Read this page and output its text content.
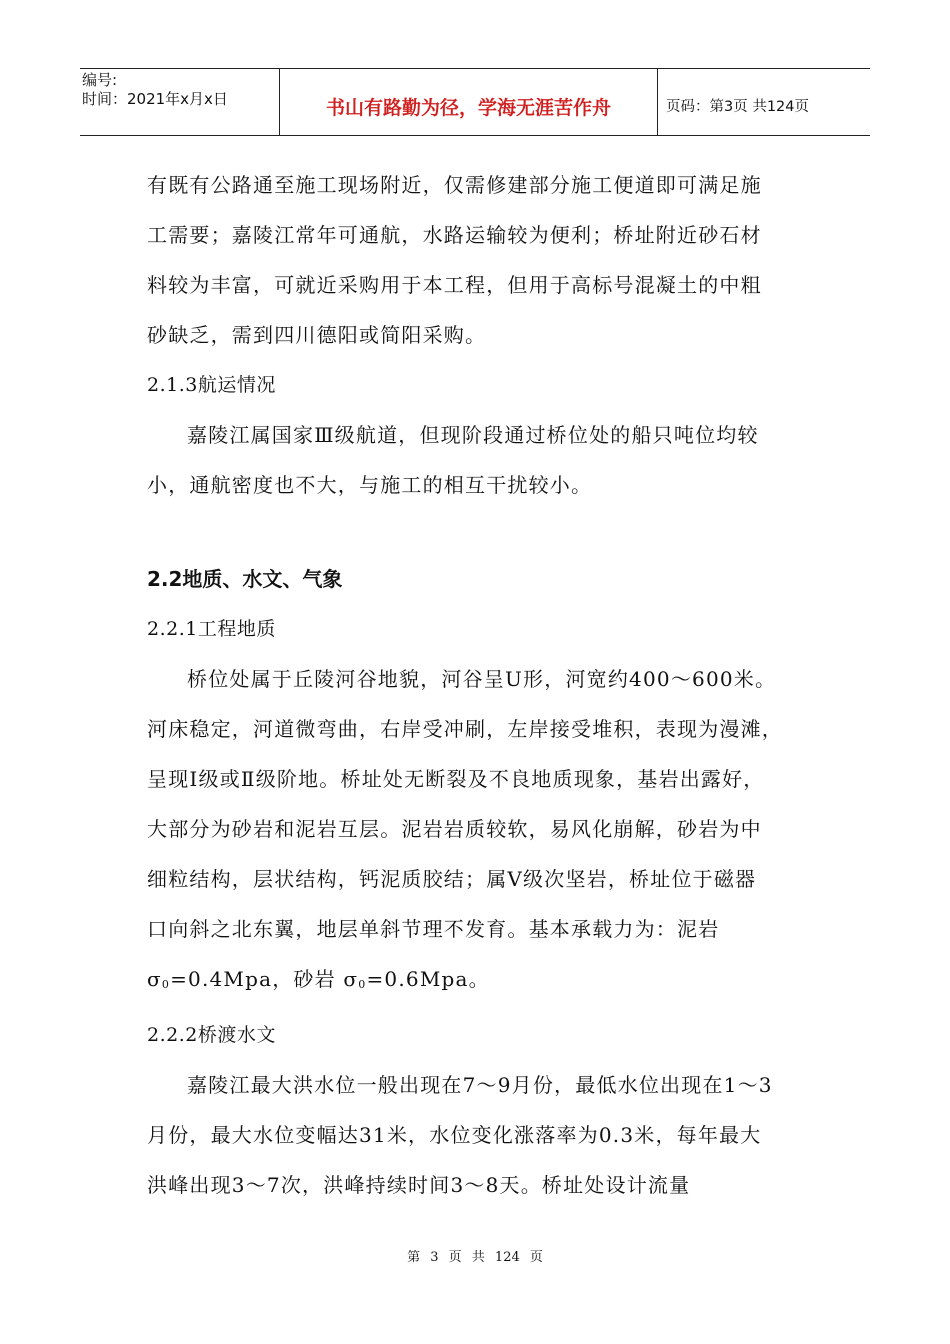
编号:
时间：2021年x月x日	书山有路勤为径，学海无涯苦作舟	页码：第3页 共124页
有既有公路通至施工现场附近，仅需修建部分施工便道即可满足施
工需要；嘉陵江常年可通航，水路运输较为便利；桥址附近砂石材
料较为丰富，可就近采购用于本工程，但用于高标号混凝土的中粗
砂缺乏，需到四川德阳或简阳采购。
2.1.3航运情况
嘉陵江属国家Ⅲ级航道，但现阶段通过桥位处的船只吨位均较
小，通航密度也不大，与施工的相互干扰较小。
2.2地质、水文、气象
2.2.1工程地质
桥位处属于丘陵河谷地貌，河谷呈U形，河宽约400～600米。
河床稳定，河道微弯曲，右岸受冲刷，左岸接受堆积，表现为漫滩，
呈现Ⅰ级或Ⅱ级阶地。桥址处无断裂及不良地质现象，基岩出露好，
大部分为砂岩和泥岩互层。泥岩岩质较软，易风化崩解，砂岩为中
细粒结构，层状结构，钙泥质胶结；属Ⅴ级次坚岩，桥址位于磁器
口向斜之北东翼，地层单斜节理不发育。基本承载力为：泥岩
$\sigma_0=0.4Mpa$，砂岩 $\sigma_0=0.6Mpa$。
2.2.2桥渡水文
嘉陵江最大洪水位一般出现在7～9月份，最低水位出现在1～3
月份，最大水位变幅达31米，水位变化涨落率为0.3米，每年最大
洪峰出现3～7次，洪峰持续时间3～8天。桥址处设计流量
第 3 页 共 124 页
